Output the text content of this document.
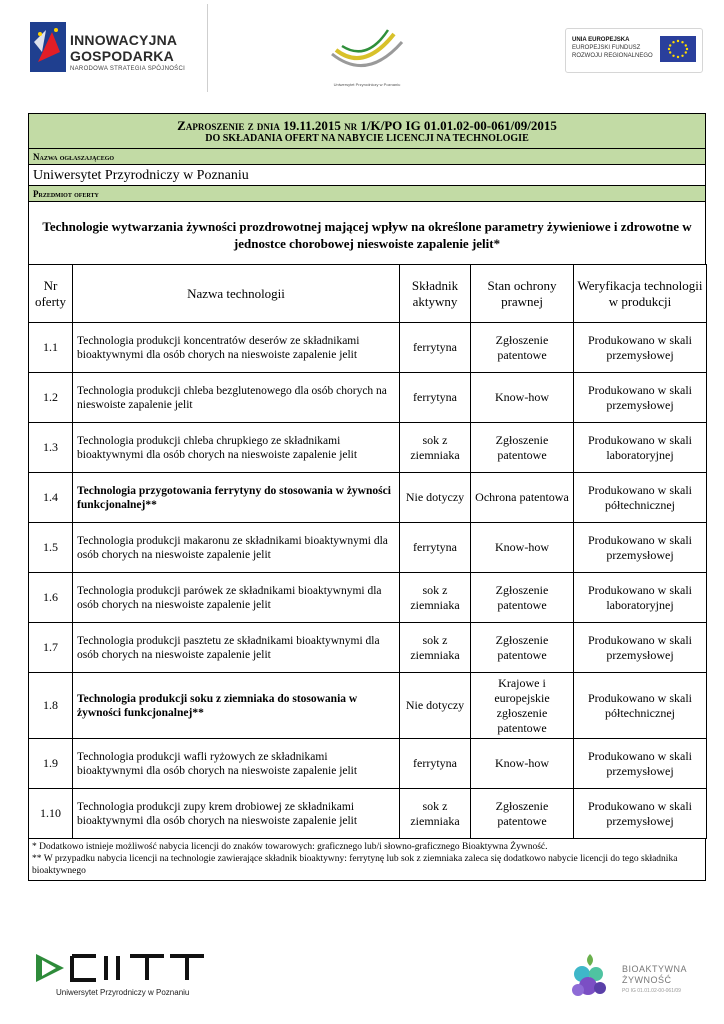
INNOWACYJNA
GOSPODARKA
NARODOWA STRATEGIA SPÓJNOŚCI
Uniwersytet Przyrodniczy w Poznaniu
UNIA EUROPEJSKA
EUROPEJSKI FUNDUSZ
ROZWOJU REGIONALNEGO
Zaproszenie z dnia 19.11.2015 nr 1/K/PO IG 01.01.02-00-061/09/2015
DO SKŁADANIA OFERT NA NABYCIE LICENCJI NA TECHNOLOGIE
Nazwa ogłaszającego
Uniwersytet Przyrodniczy w Poznaniu
Przedmiot oferty
Technologie wytwarzania żywności prozdrowotnej mającej wpływ na określone parametry żywieniowe i zdrowotne w jednostce chorobowej nieswoiste zapalenie jelit*
Nr oferty	Nazwa technologii	Składnik aktywny	Stan ochrony prawnej	Weryfikacja technologii w produkcji
1.1	Technologia produkcji koncentratów deserów ze składnikami bioaktywnymi dla osób chorych na nieswoiste zapalenie jelit	ferrytyna	Zgłoszenie patentowe	Produkowano w skali przemysłowej
1.2	Technologia produkcji chleba bezglutenowego dla osób chorych na nieswoiste zapalenie jelit	ferrytyna	Know-how	Produkowano w skali przemysłowej
1.3	Technologia produkcji chleba chrupkiego ze składnikami bioaktywnymi dla osób chorych na nieswoiste zapalenie jelit	sok z ziemniaka	Zgłoszenie patentowe	Produkowano w skali laboratoryjnej
1.4	Technologia przygotowania ferrytyny do stosowania w żywności funkcjonalnej**	Nie dotyczy	Ochrona patentowa	Produkowano w skali półtechnicznej
1.5	Technologia produkcji makaronu ze składnikami bioaktywnymi dla osób chorych na nieswoiste zapalenie jelit	ferrytyna	Know-how	Produkowano w skali przemysłowej
1.6	Technologia produkcji parówek ze składnikami bioaktywnymi dla osób chorych na nieswoiste zapalenie jelit	sok z ziemniaka	Zgłoszenie patentowe	Produkowano w skali laboratoryjnej
1.7	Technologia produkcji pasztetu ze składnikami bioaktywnymi dla osób chorych na nieswoiste zapalenie jelit	sok z ziemniaka	Zgłoszenie patentowe	Produkowano w skali przemysłowej
1.8	Technologia produkcji soku z ziemniaka do stosowania w żywności funkcjonalnej**	Nie dotyczy	Krajowe i europejskie zgłoszenie patentowe	Produkowano w skali półtechnicznej
1.9	Technologia produkcji wafli ryżowych ze składnikami bioaktywnymi dla osób chorych na nieswoiste zapalenie jelit	ferrytyna	Know-how	Produkowano w skali przemysłowej
1.10	Technologia produkcji zupy krem drobiowej ze składnikami bioaktywnymi dla osób chorych na nieswoiste zapalenie jelit	sok z ziemniaka	Zgłoszenie patentowe	Produkowano w skali przemysłowej
* Dodatkowo istnieje możliwość nabycia licencji do znaków towarowych: graficznego lub/i słowno-graficznego Bioaktywna Żywność.
** W przypadku nabycia licencji na technologie zawierające składnik bioaktywny: ferrytynę lub sok z ziemniaka zaleca się dodatkowo nabycie licencji do tego składnika bioaktywnego
Uniwersytet Przyrodniczy w Poznaniu
BIOAKTYWNA
ŻYWNOŚĆ
PO IG 01.01.02-00-061/09
